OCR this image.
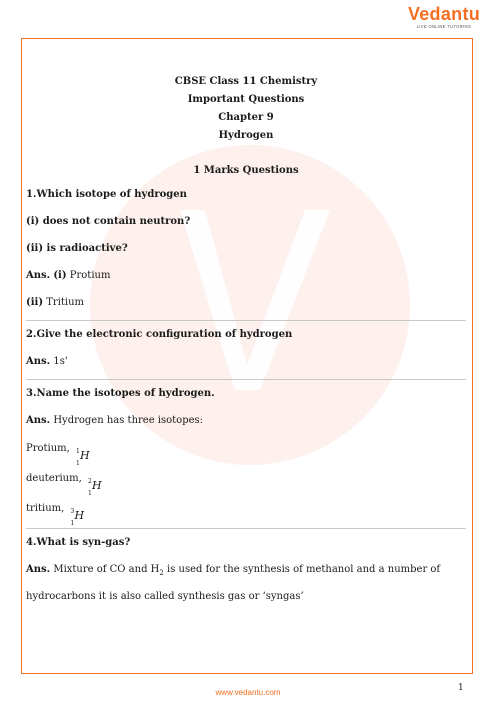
Vedantu
LIVE ONLINE TUTORING
CBSE Class 11 Chemistry
Important Questions
Chapter 9
Hydrogen
1 Marks Questions
1.Which isotope of hydrogen
(i) does not contain neutron?
(ii) is radioactive?
Ans. (i) Protium
(ii) Tritium
2.Give the electronic configuration of hydrogen
Ans. 1s'
3.Name the isotopes of hydrogen.
Ans. Hydrogen has three isotopes:
Protium, 1
1
H
deuterium, 2
1
H
tritium, 3
1
H
4.What is syn-gas?
Ans. Mixture of CO and $H_2$ is used for the synthesis of methanol and a number of
hydrocarbons it is also called synthesis gas or ‘syngas’
1
www.vedantu.com
